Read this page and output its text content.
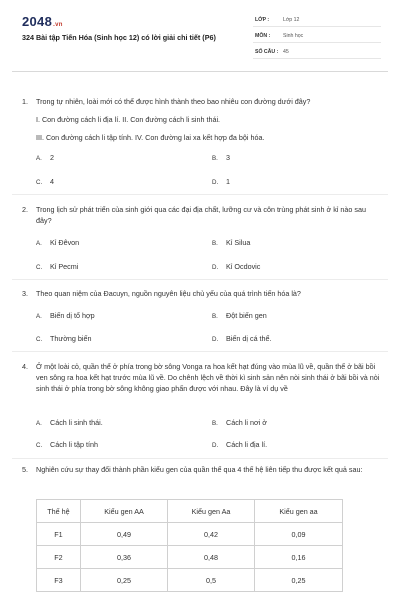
2048.vn
324 Bài tập Tiến Hóa (Sinh học 12) có lời giải chi tiết (P6)
LỚP :	Lớp 12
MÔN : Sinh học
SỐ CÂU : 45
1.	Trong tự nhiên, loài mới có thể được hình thành theo bao nhiêu con đường dưới đây?
I. Con đường cách li địa lí. II. Con đường cách li sinh thái.
III. Con đường cách li tập tính. IV. Con đường lai xa kết hợp đa bội hóa.
A. 2	B. 3
C. 4	D. 1
2.	Trong lịch sử phát triển của sinh giới qua các đại địa chất, lưỡng cư và côn trùng phát sinh ở kỉ nào sau đây?
A. Kỉ Đêvon	B. Kỉ Silua
C. Kỉ Pecmi	D. Kỉ Ocdovic
3.	Theo quan niệm của Đacuyn, nguồn nguyên liệu chủ yếu của quá trình tiến hóa là?
A. Biến dị tổ hợp	B. Đột biến gen
C. Thường biến	D. Biến dị cá thể.
4.	Ở một loài cỏ, quần thể ở phía trong bờ sông Vonga ra hoa kết hạt đúng vào mùa lũ về, quần thể ở bãi bồi ven sông ra hoa kết hạt trước mùa lũ về. Do chênh lệch về thời kì sinh sản nên nòi sinh thái ở bãi bồi và nòi sinh thái ở phía trong bờ sông không giao phấn được với nhau. Đây là ví dụ về
A. Cách li sinh thái.	B. Cách li nơi ở
C. Cách li tập tính	D. Cách li địa lí.
5.	Nghiên cứu sự thay đổi thành phần kiểu gen của quần thể qua 4 thế hệ liên tiếp thu được kết quả sau:
Thế hệ	Kiểu gen AA	Kiểu gen Aa	Kiểu gen aa
F1	0,49	0,42	0,09
F2	0,36	0,48	0,16
F3	0,25	0,5	0,25
